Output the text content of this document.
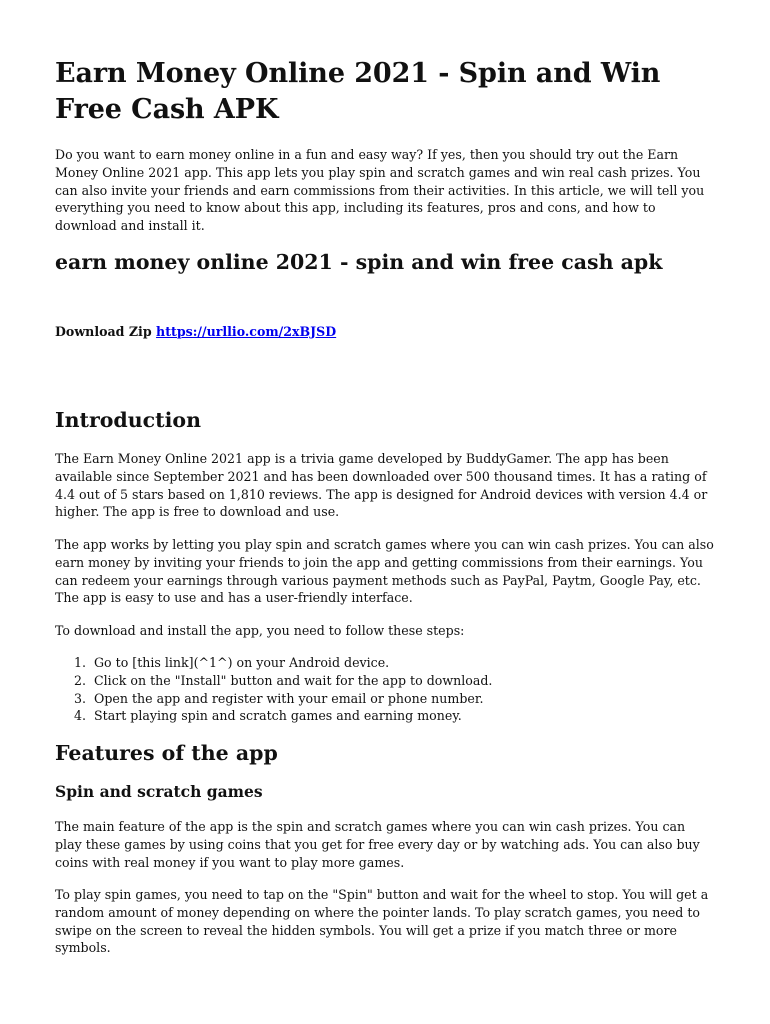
Earn Money Online 2021 - Spin and Win Free Cash APK

Do you want to earn money online in a fun and easy way? If yes, then you should try out the Earn Money Online 2021 app. This app lets you play spin and scratch games and win real cash prizes. You can also invite your friends and earn commissions from their activities. In this article, we will tell you everything you need to know about this app, including its features, pros and cons, and how to download and install it.

earn money online 2021 - spin and win free cash apk
Download Zip https://urllio.com/2xBJSD
Introduction

The Earn Money Online 2021 app is a trivia game developed by BuddyGamer. The app has been available since September 2021 and has been downloaded over 500 thousand times. It has a rating of 4.4 out of 5 stars based on 1,810 reviews. The app is designed for Android devices with version 4.4 or higher. The app is free to download and use.

The app works by letting you play spin and scratch games where you can win cash prizes. You can also earn money by inviting your friends to join the app and getting commissions from their earnings. You can redeem your earnings through various payment methods such as PayPal, Paytm, Google Pay, etc. The app is easy to use and has a user-friendly interface.

To download and install the app, you need to follow these steps:

1. Go to [this link](^1^) on your Android device.
2. Click on the "Install" button and wait for the app to download.
3. Open the app and register with your email or phone number.
4. Start playing spin and scratch games and earning money.
Features of the app
Spin and scratch games

The main feature of the app is the spin and scratch games where you can win cash prizes. You can play these games by using coins that you get for free every day or by watching ads. You can also buy coins with real money if you want to play more games.

To play spin games, you need to tap on the "Spin" button and wait for the wheel to stop. You will get a random amount of money depending on where the pointer lands. To play scratch games, you need to swipe on the screen to reveal the hidden symbols. You will get a prize if you match three or more symbols.
